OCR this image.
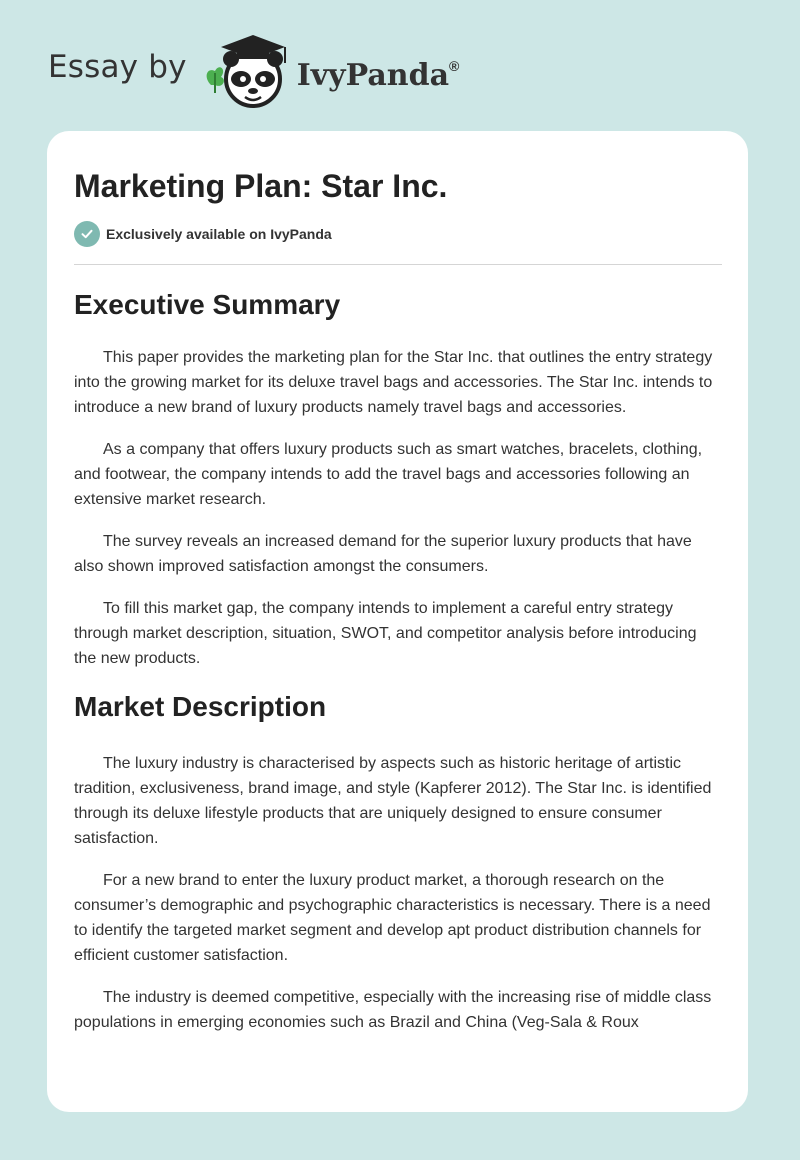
Essay by	IvyPanda®
Marketing Plan: Star Inc.
Exclusively available on IvyPanda
Executive Summary

This paper provides the marketing plan for the Star Inc. that outlines the entry strategy into the growing market for its deluxe travel bags and accessories. The Star Inc. intends to introduce a new brand of luxury products namely travel bags and accessories.

As a company that offers luxury products such as smart watches, bracelets, clothing, and footwear, the company intends to add the travel bags and accessories following an extensive market research.

The survey reveals an increased demand for the superior luxury products that have also shown improved satisfaction amongst the consumers.

To fill this market gap, the company intends to implement a careful entry strategy through market description, situation, SWOT, and competitor analysis before introducing the new products.

Market Description

The luxury industry is characterised by aspects such as historic heritage of artistic tradition, exclusiveness, brand image, and style (Kapferer 2012). The Star Inc. is identified through its deluxe lifestyle products that are uniquely designed to ensure consumer satisfaction.

For a new brand to enter the luxury product market, a thorough research on the consumer’s demographic and psychographic characteristics is necessary. There is a need to identify the targeted market segment and develop apt product distribution channels for efficient customer satisfaction.

The industry is deemed competitive, especially with the increasing rise of middle class populations in emerging economies such as Brazil and China (Veg-Sala & Roux
